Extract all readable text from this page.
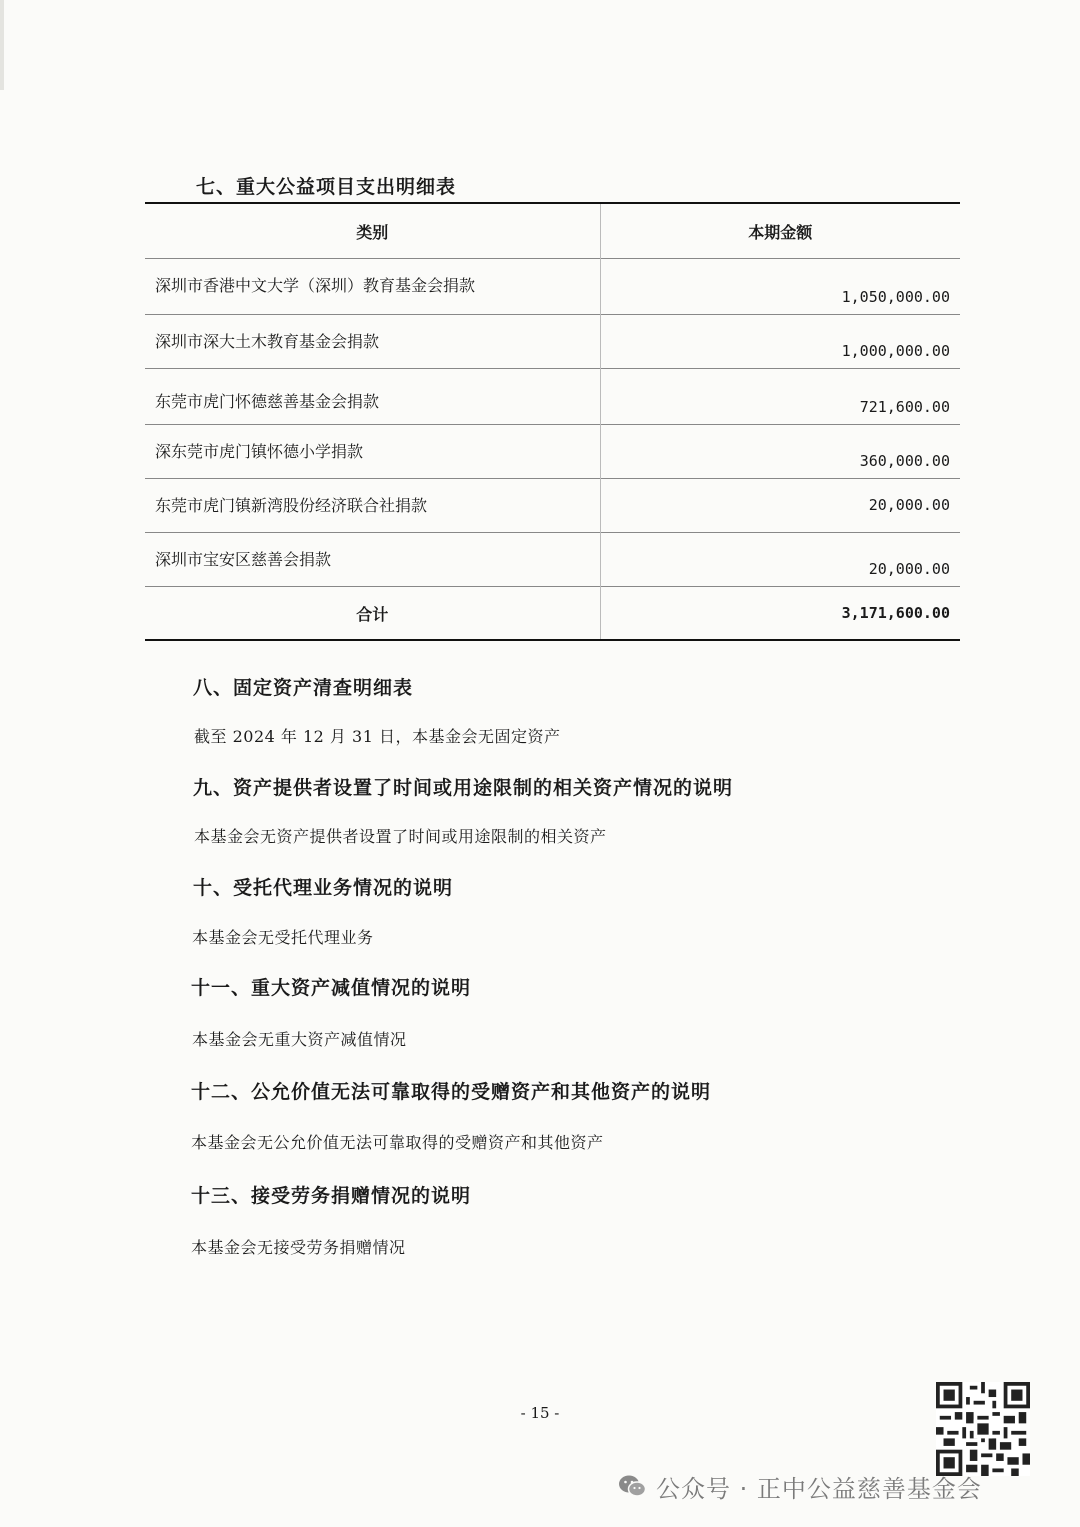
七、重大公益项目支出明细表
类别	本期金额
深圳市香港中文大学（深圳）教育基金会捐款	1,050,000.00
深圳市深大土木教育基金会捐款	1,000,000.00
东莞市虎门怀德慈善基金会捐款	721,600.00
深东莞市虎门镇怀德小学捐款	360,000.00
东莞市虎门镇新湾股份经济联合社捐款	20,000.00
深圳市宝安区慈善会捐款	20,000.00
合计	3,171,600.00
八、固定资产清查明细表
截至 2024 年 12 月 31 日，本基金会无固定资产
九、资产提供者设置了时间或用途限制的相关资产情况的说明
本基金会无资产提供者设置了时间或用途限制的相关资产
十、受托代理业务情况的说明
本基金会无受托代理业务
十一、重大资产减值情况的说明
本基金会无重大资产减值情况
十二、公允价值无法可靠取得的受赠资产和其他资产的说明
本基金会无公允价值无法可靠取得的受赠资产和其他资产
十三、接受劳务捐赠情况的说明
本基金会无接受劳务捐赠情况
- 15 -
公众号 · 正中公益慈善基金会
